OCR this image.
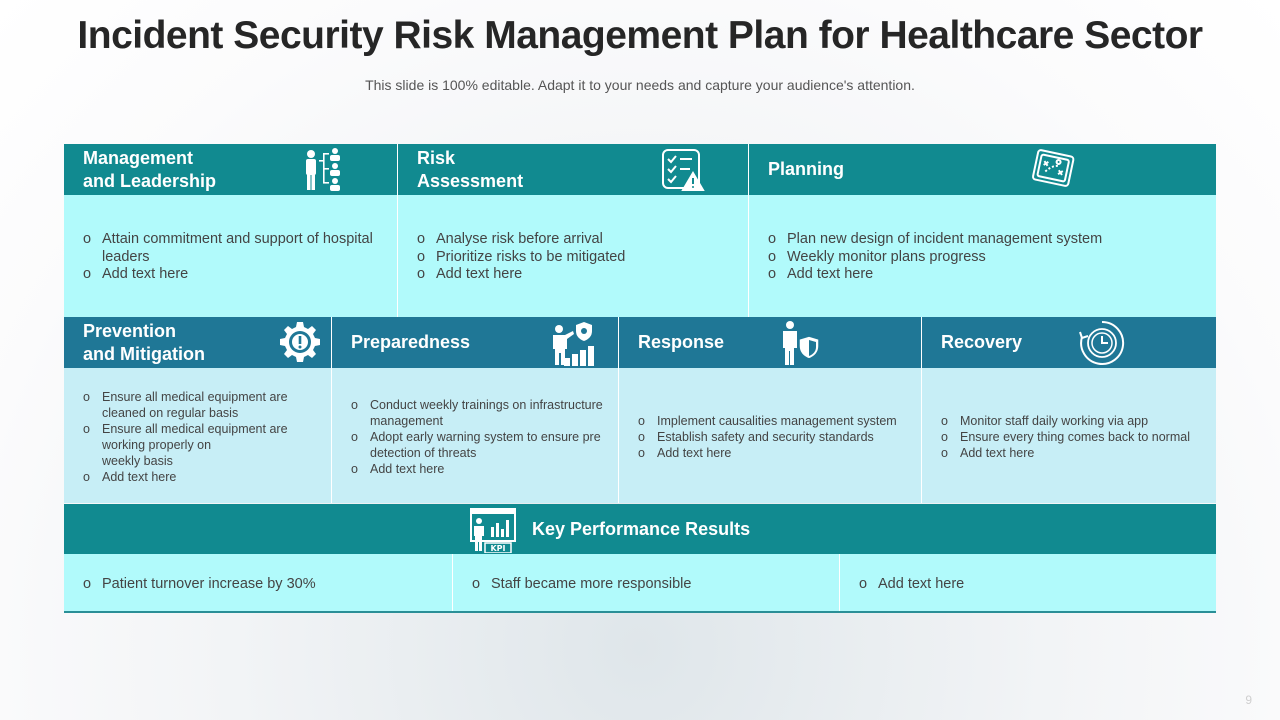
Incident Security Risk Management Plan for Healthcare Sector
This slide is 100% editable. Adapt it to your needs and capture your audience's attention.
Management
and Leadership
o Attain commitment and support of hospital leaders
o Add text here
Risk
Assessment
o Analyse risk before arrival
o Prioritize risks to be mitigated
o Add text here
Planning
o Plan new design of incident management system
o Weekly monitor plans progress
o Add text here
Prevention
and Mitigation
o Ensure all medical equipment are cleaned on regular basis
o Ensure all medical equipment are working properly on
weekly basis
o Add text here
Preparedness
o Conduct weekly trainings on infrastructure management
o Adopt early warning system to ensure pre detection of threats
o Add text here
Response
o Implement causalities management system
o Establish safety and security standards
o Add text here
Recovery
o Monitor staff daily working via app
o Ensure every thing comes back to normal
o Add text here
KPI
Key Performance Results
o Patient turnover increase by 30%	o Staff became more responsible	o Add text here
9
